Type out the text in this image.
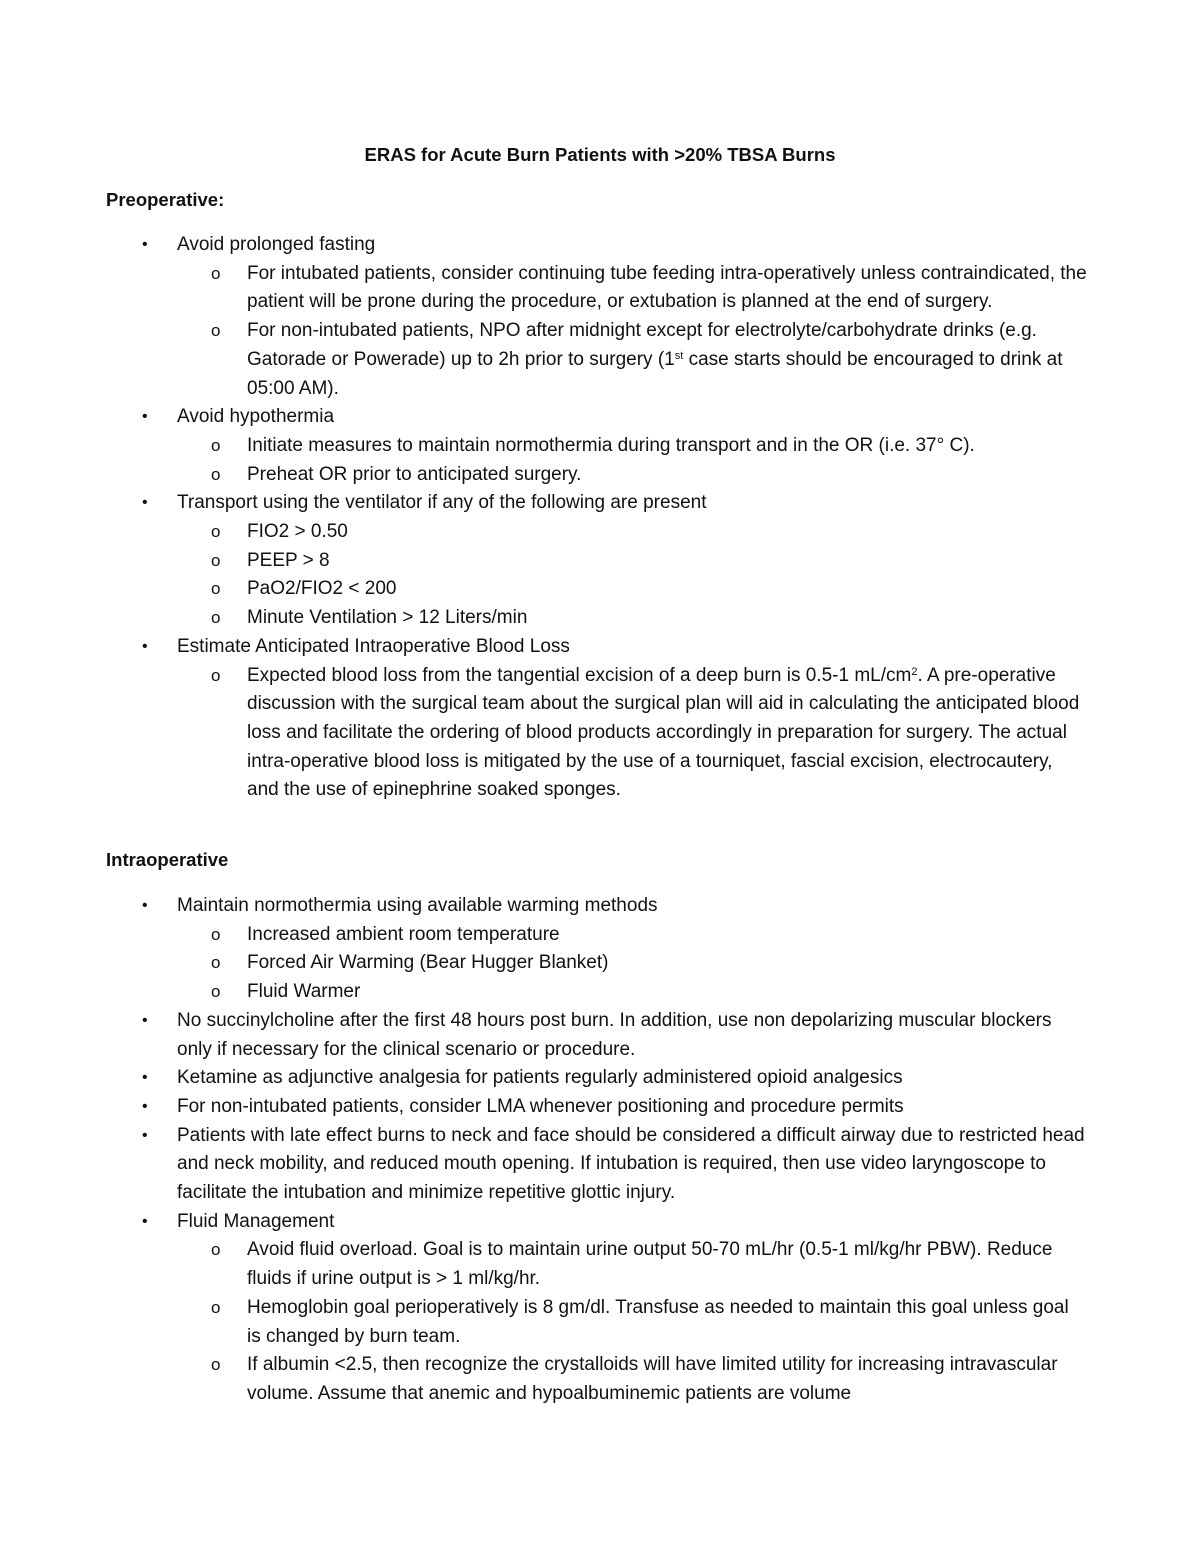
ERAS for Acute Burn Patients with >20% TBSA Burns
Preoperative:
• Avoid prolonged fasting
o For intubated patients, consider continuing tube feeding intra-operatively unless contraindicated, the patient will be prone during the procedure, or extubation is planned at the end of surgery.
o For non-intubated patients, NPO after midnight except for electrolyte/carbohydrate drinks (e.g. Gatorade or Powerade) up to 2h prior to surgery (1st case starts should be encouraged to drink at 05:00 AM).
• Avoid hypothermia
o Initiate measures to maintain normothermia during transport and in the OR (i.e. 37° C).
o Preheat OR prior to anticipated surgery.
• Transport using the ventilator if any of the following are present
o FIO2 > 0.50
o PEEP > 8
o PaO2/FIO2 < 200
o Minute Ventilation > 12 Liters/min
• Estimate Anticipated Intraoperative Blood Loss
o Expected blood loss from the tangential excision of a deep burn is 0.5-1 $mL/cm^2$. A pre-operative discussion with the surgical team about the surgical plan will aid in calculating the anticipated blood loss and facilitate the ordering of blood products accordingly in preparation for surgery. The actual intra-operative blood loss is mitigated by the use of a tourniquet, fascial excision, electrocautery, and the use of epinephrine soaked sponges.
Intraoperative
• Maintain normothermia using available warming methods
o Increased ambient room temperature
o Forced Air Warming (Bear Hugger Blanket)
o Fluid Warmer
• No succinylcholine after the first 48 hours post burn. In addition, use non depolarizing muscular blockers only if necessary for the clinical scenario or procedure.
• Ketamine as adjunctive analgesia for patients regularly administered opioid analgesics
• For non-intubated patients, consider LMA whenever positioning and procedure permits
• Patients with late effect burns to neck and face should be considered a difficult airway due to restricted head and neck mobility, and reduced mouth opening. If intubation is required, then use video laryngoscope to facilitate the intubation and minimize repetitive glottic injury.
• Fluid Management
o Avoid fluid overload. Goal is to maintain urine output 50-70 mL/hr (0.5-1 ml/kg/hr PBW). Reduce fluids if urine output is > 1 ml/kg/hr.
o Hemoglobin goal perioperatively is 8 gm/dl. Transfuse as needed to maintain this goal unless goal is changed by burn team.
o If albumin <2.5, then recognize the crystalloids will have limited utility for increasing intravascular volume. Assume that anemic and hypoalbuminemic patients are volume
